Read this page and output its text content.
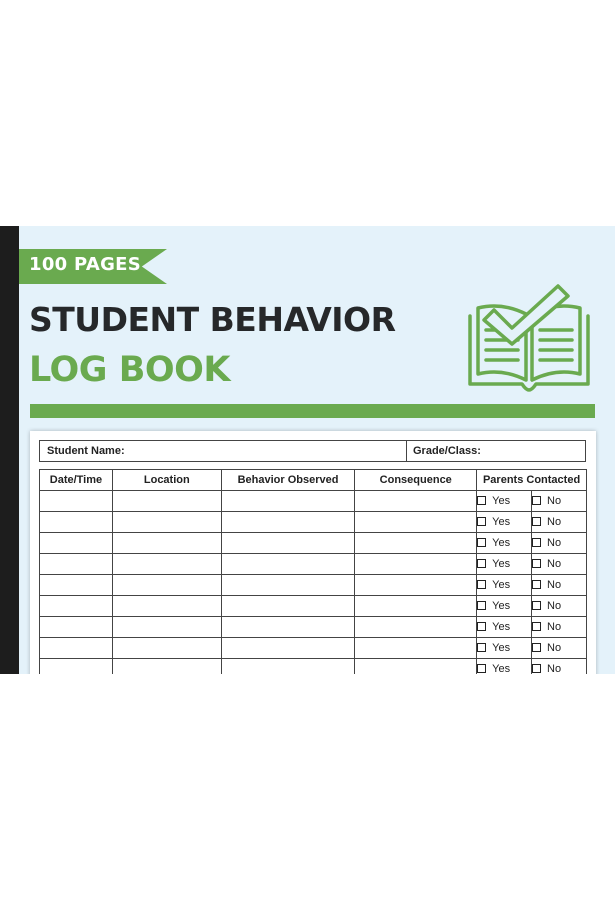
100 PAGES
STUDENT BEHAVIOR
LOG BOOK
Student Name:	Grade/Class:
Date/Time	Location	Behavior Observed	Consequence	Parents Contacted	
				Yes	No
				Yes	No
				Yes	No
				Yes	No
				Yes	No
				Yes	No
				Yes	No
				Yes	No
				Yes	No
